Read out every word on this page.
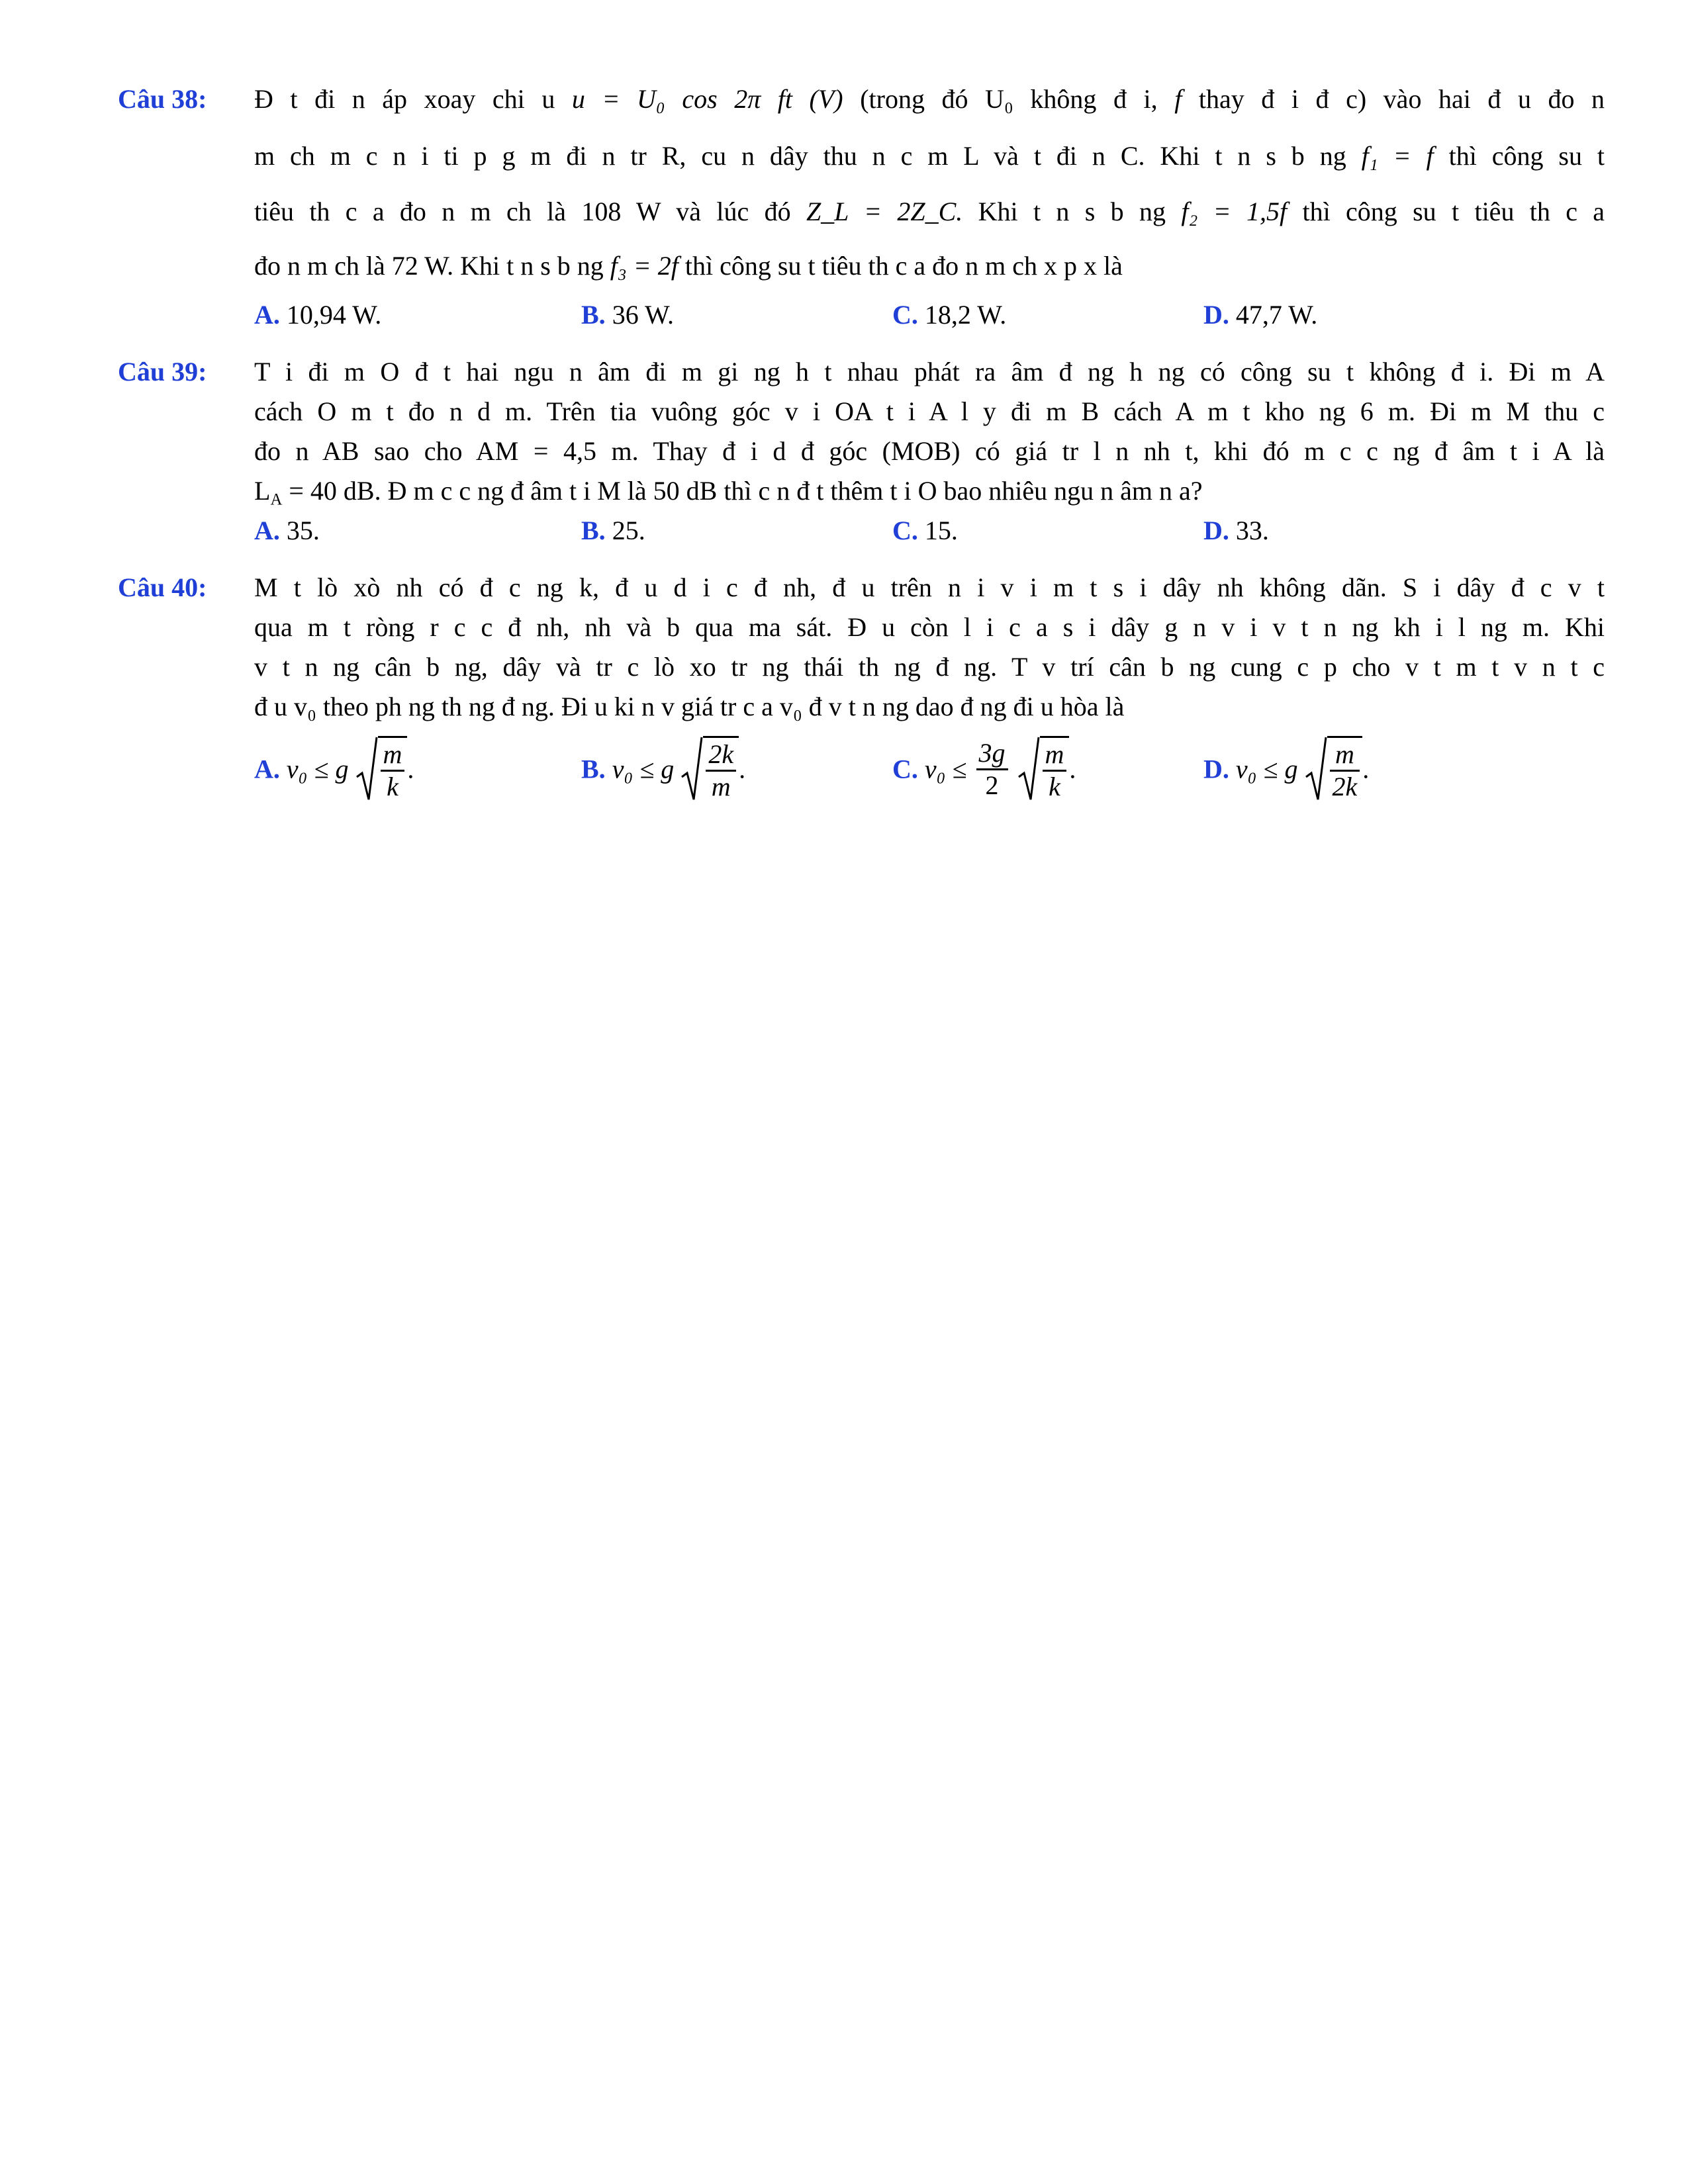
Câu 38: Đ t đi n áp xoay chi u u = U₀ cos 2π ft (V) (trong đó U₀ không đ i, f thay đ i đ c) vào hai đ u đo n
m ch m c n i ti p g m đi n tr R, cu n dây thu n c m L và t đi n C. Khi t n s b ng f₁ = f thì công su t
tiêu th c a đo n m ch là 108 W và lúc đó Z_L = 2Z_C. Khi t n s b ng f₂ = 1,5f thì công su t tiêu th c a
đo n m ch là 72 W. Khi t n s b ng f₃ = 2f thì công su t tiêu th c a đo n m ch x p x là
A. 10,94 W.	B. 36 W.	C. 18,2 W.	D. 47,7 W.
Câu 39: T i đi m O đ t hai ngu n âm đi m gi ng h t nhau phát ra âm đ ng h ng có công su t không đ i. Đi m A
cách O m t đo n d m. Trên tia vuông góc v i OA t i A l y đi m B cách A m t kho ng 6 m. Đi m M thu c
đo n AB sao cho AM = 4,5 m. Thay đ i d đ góc (MOB) có giá tr l n nh t, khi đó m c c ng đ âm t i A là
$L_A = 40$ dB. Đ m c c ng đ âm t i M là 50 dB thì c n đ t thêm t i O bao nhiêu ngu n âm n a?
A. 35.	B. 25.	C. 15.	D. 33.
Câu 40: M t lò xò nh có đ c ng k, đ u d i c đ nh, đ u trên n i v i m t s i dây nh không dãn. S i dây đ c v t
qua m t ròng r c c đ nh, nh và b qua ma sát. Đ u còn l i c a s i dây g n v i v t n ng kh i l ng m. Khi
v t n ng cân b ng, dây và tr c lò xo tr ng thái th ng đ ng. T v trí cân b ng cung c p cho v t m t v n t c
đ u v₀ theo ph ng th ng đ ng. Đi u ki n v giá tr c a v₀ đ v t n ng dao đ ng đi u hòa là
A. v₀ ≤ g $\frac{m}{k}$ .	B. v₀ ≤ g $\frac{2k}{m}$ .	C. $v_0 \le \frac{3g}{2}$
$\frac{m}{k}$ .	D. v₀ ≤ g $\frac{m}{2k}$ .
